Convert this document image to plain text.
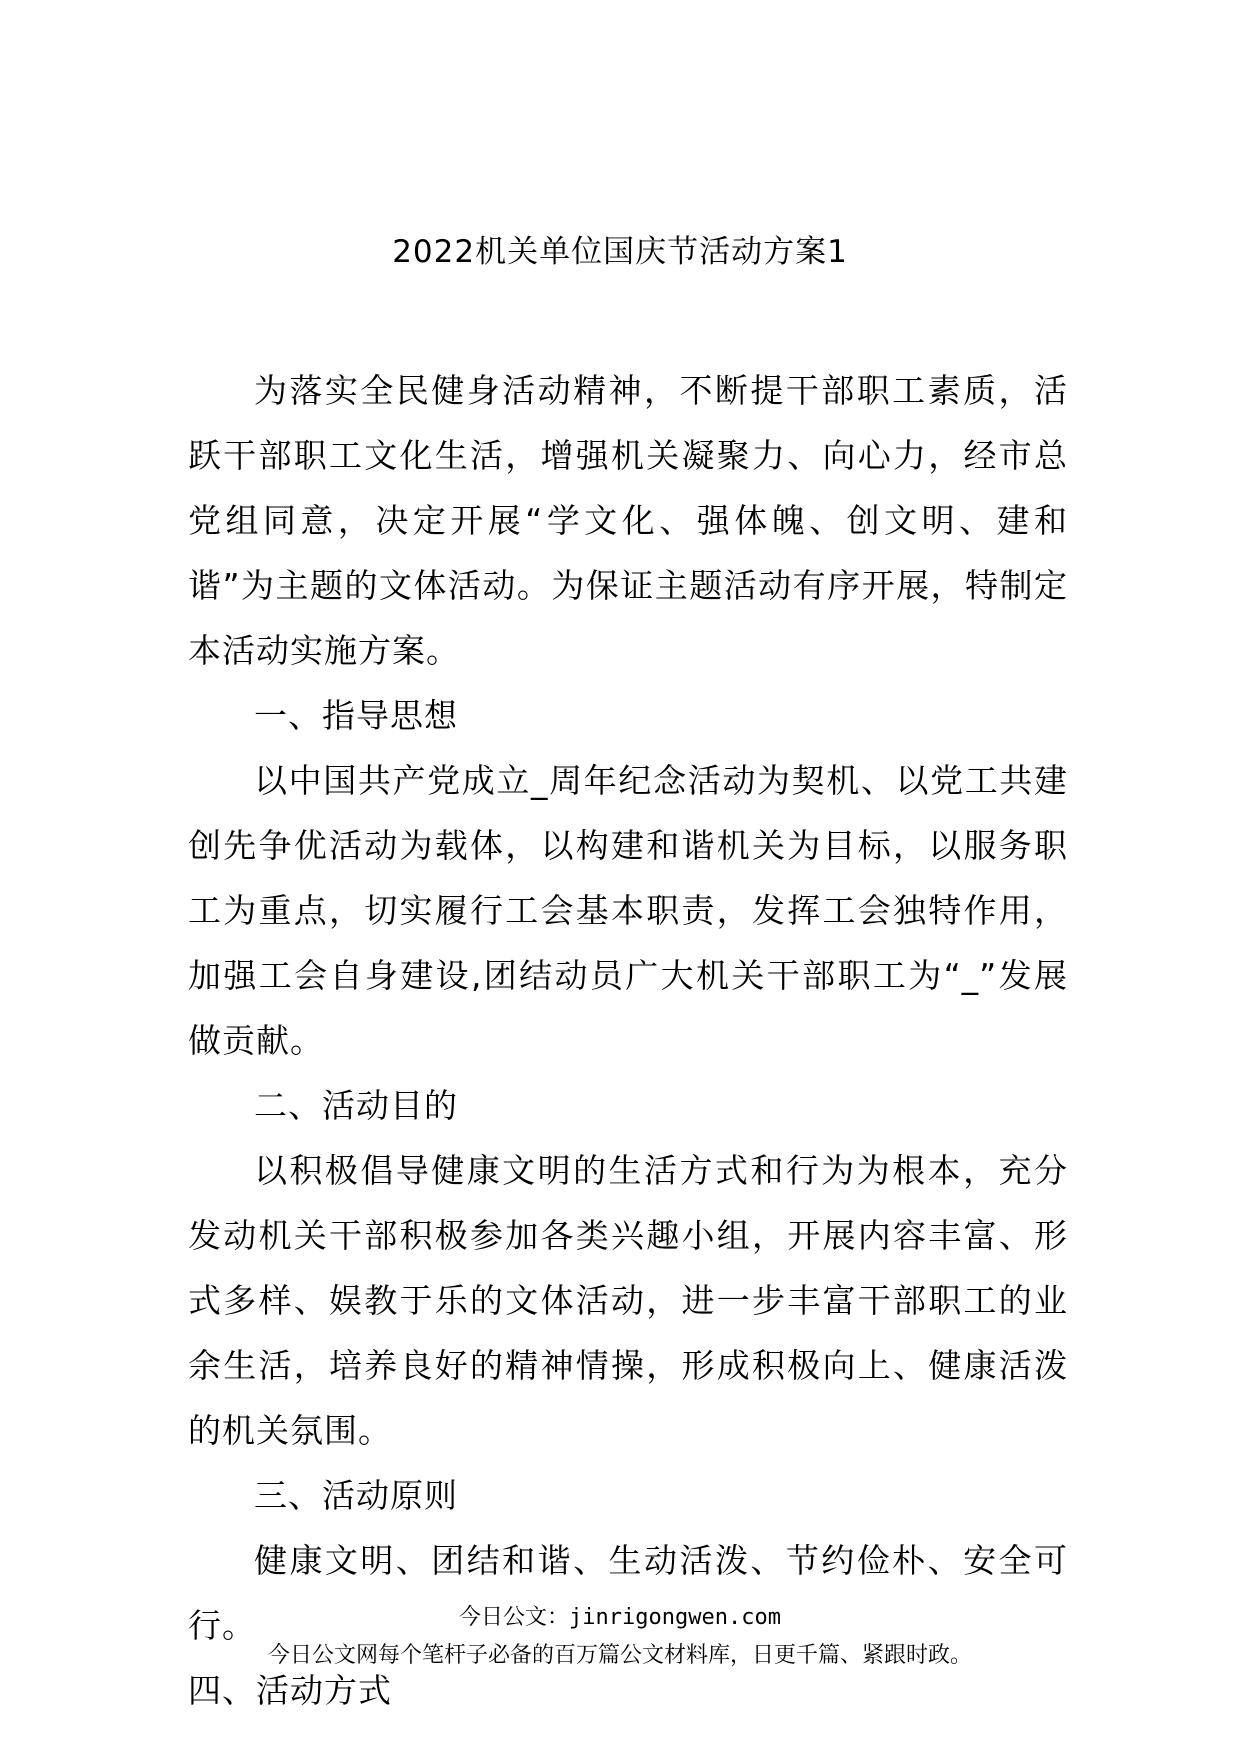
2022机关单位国庆节活动方案1

为落实全民健身活动精神，不断提干部职工素质，活跃干部职工文化生活，增强机关凝聚力、向心力，经市总党组同意，决定开展“学文化、强体魄、创文明、建和谐”为主题的文体活动。为保证主题活动有序开展，特制定本活动实施方案。

一、指导思想

以中国共产党成立_周年纪念活动为契机、以党工共建创先争优活动为载体，以构建和谐机关为目标，以服务职工为重点，切实履行工会基本职责，发挥工会独特作用，加强工会自身建设,团结动员广大机关干部职工为“_”发展做贡献。

二、活动目的

以积极倡导健康文明的生活方式和行为为根本，充分发动机关干部积极参加各类兴趣小组，开展内容丰富、形式多样、娱教于乐的文体活动，进一步丰富干部职工的业余生活，培养良好的精神情操，形成积极向上、健康活泼的机关氛围。

三、活动原则

健康文明、团结和谐、生动活泼、节约俭朴、安全可行。

四、活动方式

今日公文：jinrigongwen.com
今日公文网每个笔杆子必备的百万篇公文材料库，日更千篇、紧跟时政。
